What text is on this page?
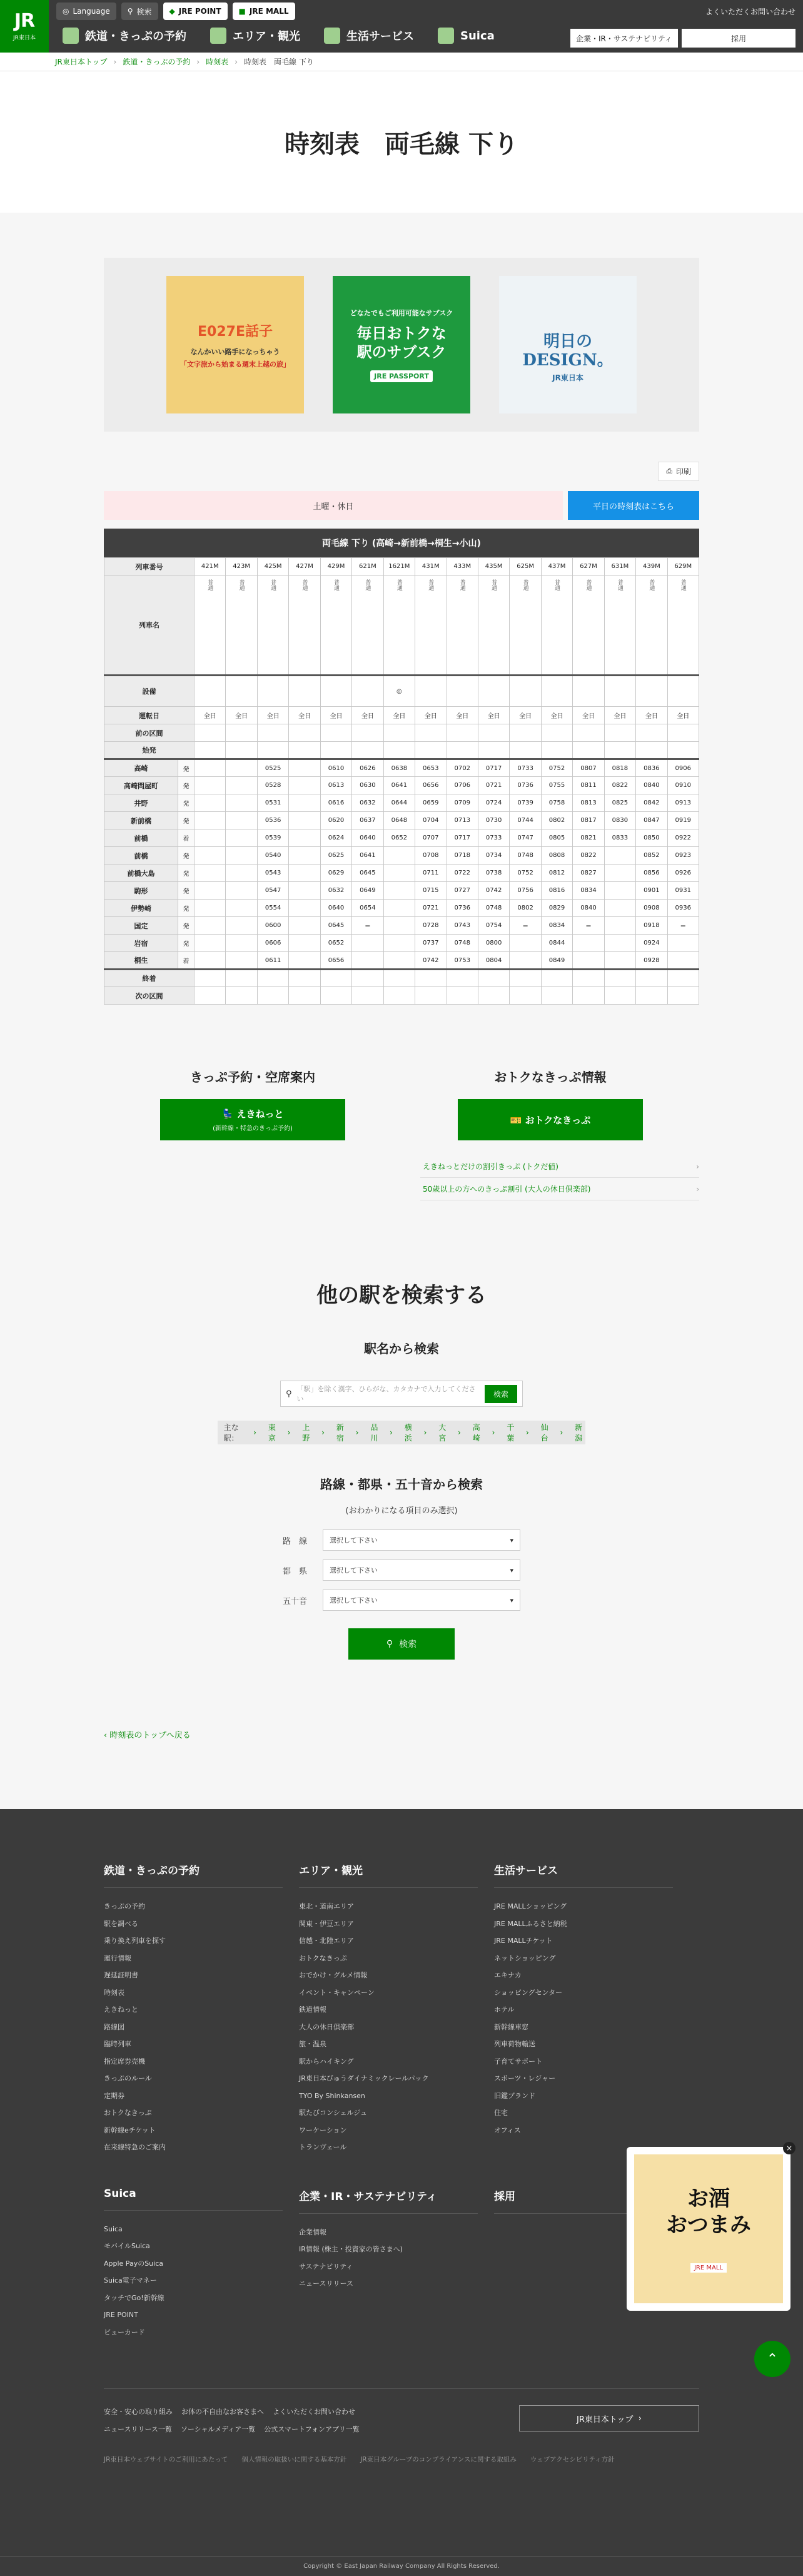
JR
JR東日本
◎ Language ⚲ 検索 ◆ JRE POINT ■ JRE MALL	よくいただくお問い合わせ
鉄道・きっぷの予約	エリア・観光	生活サービス	Suica	企業・IR・サステナビリティ	採用
JR東日本トップ › 鉄道・きっぷの予約 › 時刻表 › 時刻表　両毛線 下り
時刻表　両毛線 下り
E027E話子
なんかいい路手になっちゃう
「文字旅から始まる週末上越の旅」
どなたでもご利用可能なサブスク
毎日おトクな
駅のサブスク
JRE PASSPORT
明日の
DESIGN。
JR東日本
⎙ 印刷
土曜・休日	平日の時刻表はこちら
両毛線 下り (高崎→新前橋→桐生→小山)
列車番号		421M	423M	425M	427M	429M	621M	1621M	431M	433M	435M	625M	437M	627M	631M	439M	629M
列車名		普通	普通	普通	普通	普通	普通	普通	普通	普通	普通	普通	普通	普通	普通	普通	普通
設備								◎									
運転日		全日	全日	全日	全日	全日	全日	全日	全日	全日	全日	全日	全日	全日	全日	全日	全日
前の区間																	
始発																	
高崎	発			0525		0610	0626	0638	0653	0702	0717	0733	0752	0807	0818	0836	0906
高崎問屋町	発			0528		0613	0630	0641	0656	0706	0721	0736	0755	0811	0822	0840	0910
井野	発			0531		0616	0632	0644	0659	0709	0724	0739	0758	0813	0825	0842	0913
新前橋	発			0536		0620	0637	0648	0704	0713	0730	0744	0802	0817	0830	0847	0919
前橋	着			0539		0624	0640	0652	0707	0717	0733	0747	0805	0821	0833	0850	0922
前橋	発			0540		0625	0641		0708	0718	0734	0748	0808	0822		0852	0923
前橋大島	発			0543		0629	0645		0711	0722	0738	0752	0812	0827		0856	0926
駒形	発			0547		0632	0649		0715	0727	0742	0756	0816	0834		0901	0931
伊勢崎	発			0554		0640	0654		0721	0736	0748	0802	0829	0840		0908	0936
国定	発			0600		0645	＝		0728	0743	0754	＝	0834	＝		0918	＝
岩宿	発			0606		0652			0737	0748	0800		0844			0924	
桐生	着			0611		0656			0742	0753	0804		0849			0928	
終着																	
次の区間																	
きっぷ予約・空席案内
💺 えきねっと
(新幹線・特急のきっぷ予約)
おトクなきっぷ情報
🎫 おトクなきっぷ
えきねっとだけの割引きっぷ (トクだ値)	›
50歳以上の方へのきっぷ割引 (大人の休日倶楽部)	›
他の駅を検索する
駅名から検索
⚲ 「駅」を除く漢字、ひらがな、カタカナで入力してください
検索
主な駅：
›
東京
›
上野
›
新宿
›
品川
›
横浜
›
大宮
›
高崎
›
千葉
›
仙台
›
新潟
路線・都県・五十音から検索
(おわかりになる項目のみ選択)
路　線	選択して下さい	▾
都　県	選択して下さい	▾
五十音	選択して下さい	▾
⚲ 検索
‹ 時刻表のトップへ戻る
鉄道・きっぷの予約
きっぷの予約
駅を調べる
乗り換え列車を探す
運行情報
遅延証明書
時刻表
えきねっと
路線図
臨時列車
指定席券売機
きっぷのルール
定期券
おトクなきっぷ
新幹線eチケット
在来線特急のご案内
エリア・観光
東北・道南エリア
関東・伊豆エリア
信越・北陸エリア
おトクなきっぷ
おでかけ・グルメ情報
イベント・キャンペーン
鉄道情報
大人の休日倶楽部
旅・温泉
駅からハイキング
JR東日本びゅうダイナミックレールパック
TYO By Shinkansen
駅たびコンシェルジュ
ワーケーション
トランヴェール
生活サービス
JRE MALLショッピング
JRE MALLふるさと納税
JRE MALLチケット
ネットショッピング
エキナカ
ショッピングセンター
ホテル
新幹線車窓
列車荷物輸送
子育てサポート
スポーツ・レジャー
旧鑑ブランド
住宅
オフィス
Suica
Suica
モバイルSuica
Apple PayのSuica
Suica電子マネー
タッチでGo!新幹線
JRE POINT
ビューカード
企業・IR・サステナビリティ
企業情報
IR情報 (株主・投資家の皆さまへ)
サステナビリティ
ニュースリリース
採用
安全・安心の取り組み お体の不自由なお客さまへ よくいただくお問い合わせ
ニュースリリース一覧 ソーシャルメディア一覧 公式スマートフォンアプリ一覧
JR東日本トップ ›
JR東日本ウェブサイトのご利用にあたって 個人情報の取扱いに関する基本方針 JR東日本グループのコンプライアンスに関する取組み ウェブアクセシビリティ方針
Copyright © East Japan Railway Company All Rights Reserved.
お酒
おつまみ
JRE MALL
×
⌃
